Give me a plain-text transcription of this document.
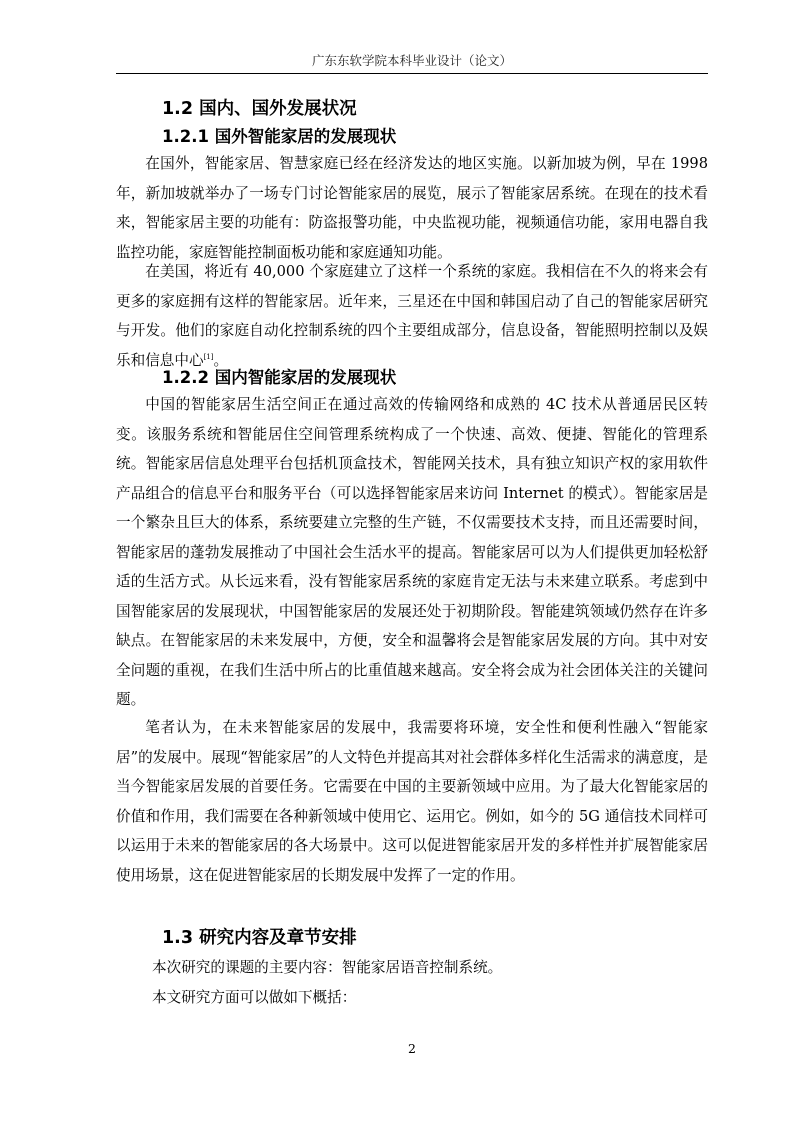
广东东软学院本科毕业设计（论文）
1.2 国内、国外发展状况
1.2.1 国外智能家居的发展现状

在国外，智能家居、智慧家庭已经在经济发达的地区实施。以新加坡为例，早在 1998 年，新加坡就举办了一场专门讨论智能家居的展览，展示了智能家居系统。在现在的技术看来，智能家居主要的功能有：防盗报警功能，中央监视功能，视频通信功能，家用电器自我监控功能，家庭智能控制面板功能和家庭通知功能。

在美国，将近有 40,000 个家庭建立了这样一个系统的家庭。我相信在不久的将来会有更多的家庭拥有这样的智能家居。近年来，三星还在中国和韩国启动了自己的智能家居研究与开发。他们的家庭自动化控制系统的四个主要组成部分，信息设备，智能照明控制以及娱乐和信息中心[1]。

1.2.2 国内智能家居的发展现状

中国的智能家居生活空间正在通过高效的传输网络和成熟的 4C 技术从普通居民区转变。该服务系统和智能居住空间管理系统构成了一个快速、高效、便捷、智能化的管理系统。智能家居信息处理平台包括机顶盒技术，智能网关技术，具有独立知识产权的家用软件产品组合的信息平台和服务平台（可以选择智能家居来访问 Internet 的模式）。智能家居是一个繁杂且巨大的体系，系统要建立完整的生产链，不仅需要技术支持，而且还需要时间，智能家居的蓬勃发展推动了中国社会生活水平的提高。智能家居可以为人们提供更加轻松舒适的生活方式。从长远来看，没有智能家居系统的家庭肯定无法与未来建立联系。考虑到中国智能家居的发展现状，中国智能家居的发展还处于初期阶段。智能建筑领域仍然存在许多缺点。在智能家居的未来发展中，方便，安全和温馨将会是智能家居发展的方向。其中对安全问题的重视，在我们生活中所占的比重值越来越高。安全将会成为社会团体关注的关键问题。

笔者认为，在未来智能家居的发展中，我需要将环境，安全性和便利性融入“智能家居”的发展中。展现“智能家居”的人文特色并提高其对社会群体多样化生活需求的满意度，是当今智能家居发展的首要任务。它需要在中国的主要新领域中应用。为了最大化智能家居的价值和作用，我们需要在各种新领域中使用它、运用它。例如，如今的 5G 通信技术同样可以运用于未来的智能家居的各大场景中。这可以促进智能家居开发的多样性并扩展智能家居使用场景，这在促进智能家居的长期发展中发挥了一定的作用。

1.3 研究内容及章节安排

本次研究的课题的主要内容：智能家居语音控制系统。

本文研究方面可以做如下概括：

2
